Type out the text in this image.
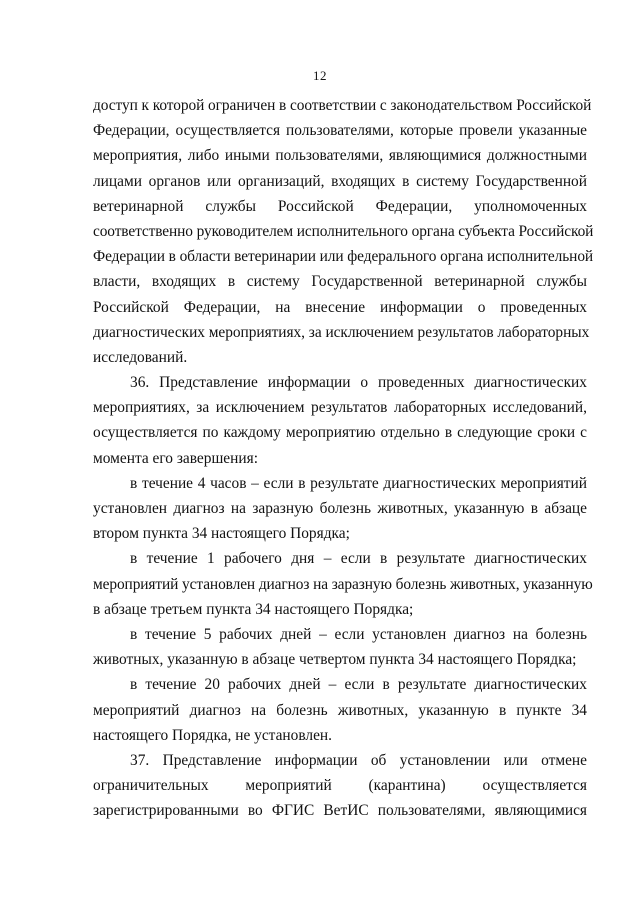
12
доступ к которой ограничен в соответствии с законодательством Российской
Федерации, осуществляется пользователями, которые провели указанные
мероприятия, либо иными пользователями, являющимися должностными
лицами органов или организаций, входящих в систему Государственной
ветеринарной службы Российской Федерации, уполномоченных
соответственно руководителем исполнительного органа субъекта Российской
Федерации в области ветеринарии или федерального органа исполнительной
власти, входящих в систему Государственной ветеринарной службы
Российской Федерации, на внесение информации о проведенных
диагностических мероприятиях, за исключением результатов лабораторных
исследований.
36. Представление информации о проведенных диагностических
мероприятиях, за исключением результатов лабораторных исследований,
осуществляется по каждому мероприятию отдельно в следующие сроки с
момента его завершения:
в течение 4 часов – если в результате диагностических мероприятий
установлен диагноз на заразную болезнь животных, указанную в абзаце
втором пункта 34 настоящего Порядка;
в течение 1 рабочего дня – если в результате диагностических
мероприятий установлен диагноз на заразную болезнь животных, указанную
в абзаце третьем пункта 34 настоящего Порядка;
в течение 5 рабочих дней – если установлен диагноз на болезнь
животных, указанную в абзаце четвертом пункта 34 настоящего Порядка;
в течение 20 рабочих дней – если в результате диагностических
мероприятий диагноз на болезнь животных, указанную в пункте 34
настоящего Порядка, не установлен.
37. Представление информации об установлении или отмене
ограничительных мероприятий (карантина) осуществляется
зарегистрированными во ФГИС ВетИС пользователями, являющимися
